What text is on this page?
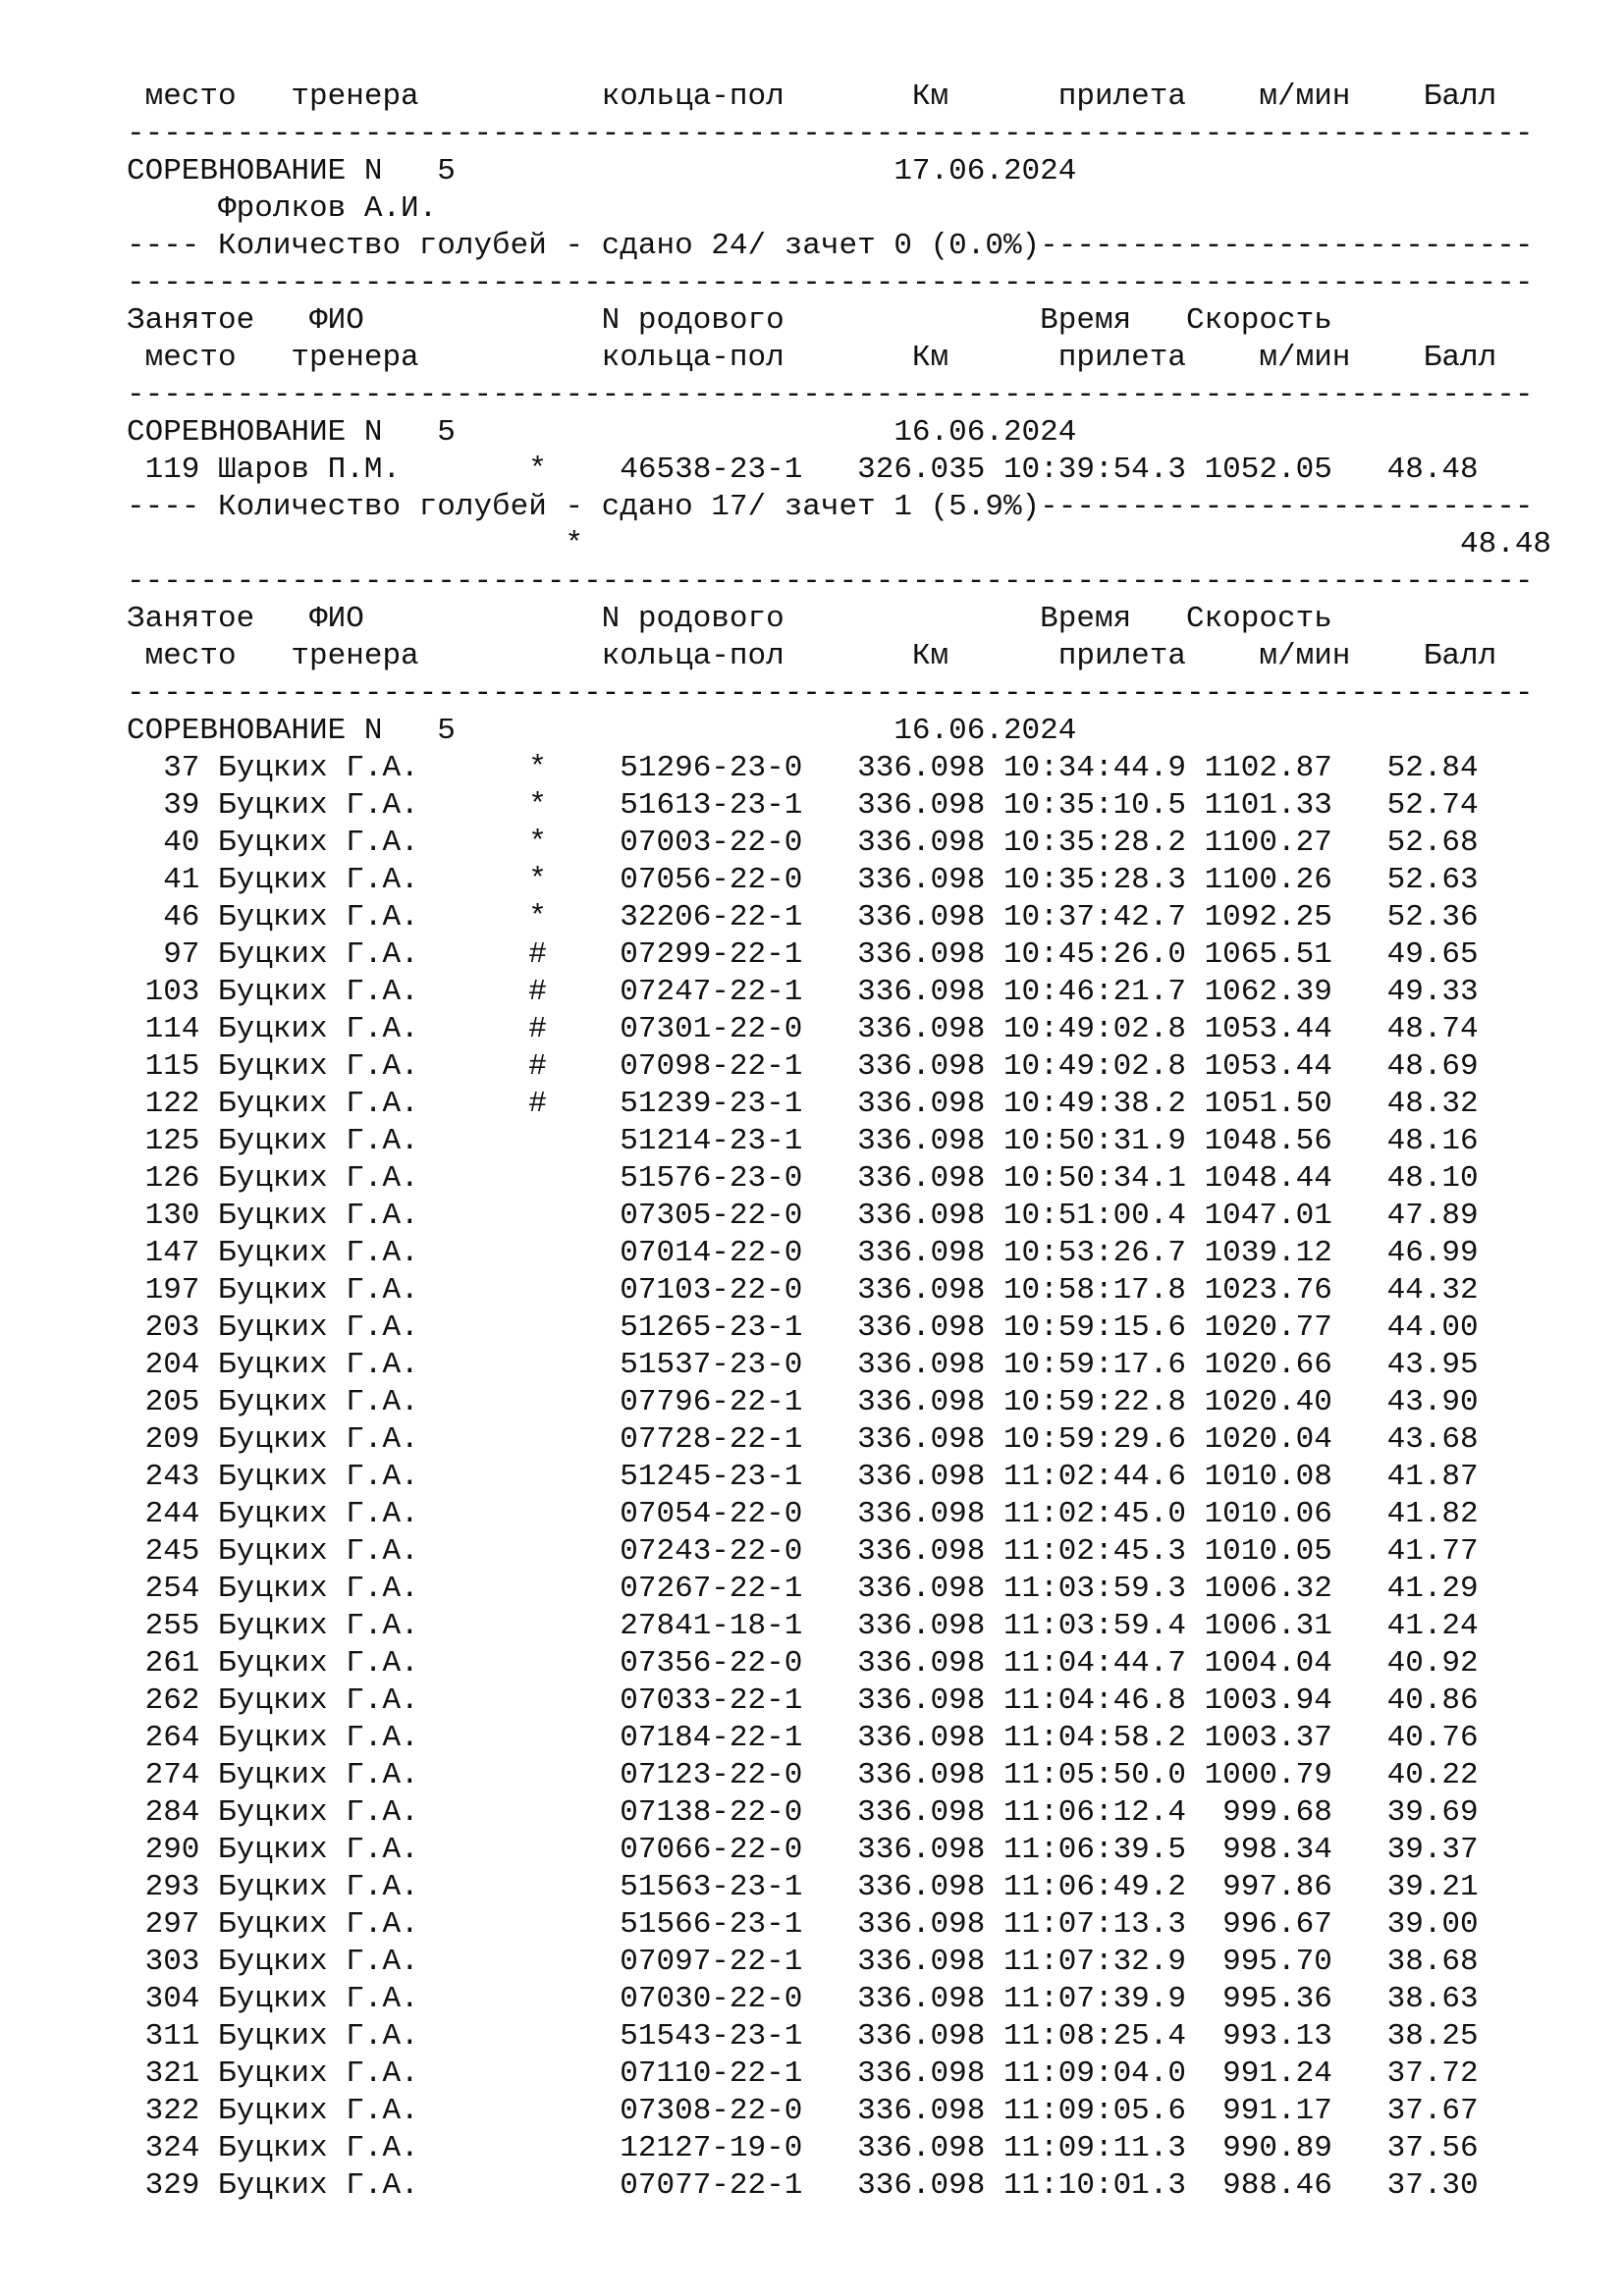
место   тренера          кольца-пол       Км      прилета    м/мин    Балл
-----------------------------------------------------------------------------
СОРЕВНОВАНИЕ N   5                        17.06.2024
Фролков А.И.
---- Количество голубей - сдано 24/ зачет 0 (0.0%)---------------------------
-----------------------------------------------------------------------------
Занятое   ФИО             N родового              Время   Скорость
место   тренера          кольца-пол       Км      прилета    м/мин    Балл
-----------------------------------------------------------------------------
СОРЕВНОВАНИЕ N   5                        16.06.2024
119 Шаров П.М.       *    46538-23-1   326.035 10:39:54.3 1052.05   48.48
---- Количество голубей - сдано 17/ зачет 1 (5.9%)---------------------------
*                                                48.48
-----------------------------------------------------------------------------
Занятое   ФИО             N родового              Время   Скорость
место   тренера          кольца-пол       Км      прилета    м/мин    Балл
-----------------------------------------------------------------------------
СОРЕВНОВАНИЕ N   5                        16.06.2024
37 Буцких Г.А.      *    51296-23-0   336.098 10:34:44.9 1102.87   52.84
39 Буцких Г.А.      *    51613-23-1   336.098 10:35:10.5 1101.33   52.74
40 Буцких Г.А.      *    07003-22-0   336.098 10:35:28.2 1100.27   52.68
41 Буцких Г.А.      *    07056-22-0   336.098 10:35:28.3 1100.26   52.63
46 Буцких Г.А.      *    32206-22-1   336.098 10:37:42.7 1092.25   52.36
97 Буцких Г.А.      #    07299-22-1   336.098 10:45:26.0 1065.51   49.65
103 Буцких Г.А.      #    07247-22-1   336.098 10:46:21.7 1062.39   49.33
114 Буцких Г.А.      #    07301-22-0   336.098 10:49:02.8 1053.44   48.74
115 Буцких Г.А.      #    07098-22-1   336.098 10:49:02.8 1053.44   48.69
122 Буцких Г.А.      #    51239-23-1   336.098 10:49:38.2 1051.50   48.32
125 Буцких Г.А.           51214-23-1   336.098 10:50:31.9 1048.56   48.16
126 Буцких Г.А.           51576-23-0   336.098 10:50:34.1 1048.44   48.10
130 Буцких Г.А.           07305-22-0   336.098 10:51:00.4 1047.01   47.89
147 Буцких Г.А.           07014-22-0   336.098 10:53:26.7 1039.12   46.99
197 Буцких Г.А.           07103-22-0   336.098 10:58:17.8 1023.76   44.32
203 Буцких Г.А.           51265-23-1   336.098 10:59:15.6 1020.77   44.00
204 Буцких Г.А.           51537-23-0   336.098 10:59:17.6 1020.66   43.95
205 Буцких Г.А.           07796-22-1   336.098 10:59:22.8 1020.40   43.90
209 Буцких Г.А.           07728-22-1   336.098 10:59:29.6 1020.04   43.68
243 Буцких Г.А.           51245-23-1   336.098 11:02:44.6 1010.08   41.87
244 Буцких Г.А.           07054-22-0   336.098 11:02:45.0 1010.06   41.82
245 Буцких Г.А.           07243-22-0   336.098 11:02:45.3 1010.05   41.77
254 Буцких Г.А.           07267-22-1   336.098 11:03:59.3 1006.32   41.29
255 Буцких Г.А.           27841-18-1   336.098 11:03:59.4 1006.31   41.24
261 Буцких Г.А.           07356-22-0   336.098 11:04:44.7 1004.04   40.92
262 Буцких Г.А.           07033-22-1   336.098 11:04:46.8 1003.94   40.86
264 Буцких Г.А.           07184-22-1   336.098 11:04:58.2 1003.37   40.76
274 Буцких Г.А.           07123-22-0   336.098 11:05:50.0 1000.79   40.22
284 Буцких Г.А.           07138-22-0   336.098 11:06:12.4  999.68   39.69
290 Буцких Г.А.           07066-22-0   336.098 11:06:39.5  998.34   39.37
293 Буцких Г.А.           51563-23-1   336.098 11:06:49.2  997.86   39.21
297 Буцких Г.А.           51566-23-1   336.098 11:07:13.3  996.67   39.00
303 Буцких Г.А.           07097-22-1   336.098 11:07:32.9  995.70   38.68
304 Буцких Г.А.           07030-22-0   336.098 11:07:39.9  995.36   38.63
311 Буцких Г.А.           51543-23-1   336.098 11:08:25.4  993.13   38.25
321 Буцких Г.А.           07110-22-1   336.098 11:09:04.0  991.24   37.72
322 Буцких Г.А.           07308-22-0   336.098 11:09:05.6  991.17   37.67
324 Буцких Г.А.           12127-19-0   336.098 11:09:11.3  990.89   37.56
329 Буцких Г.А.           07077-22-1   336.098 11:10:01.3  988.46   37.30
